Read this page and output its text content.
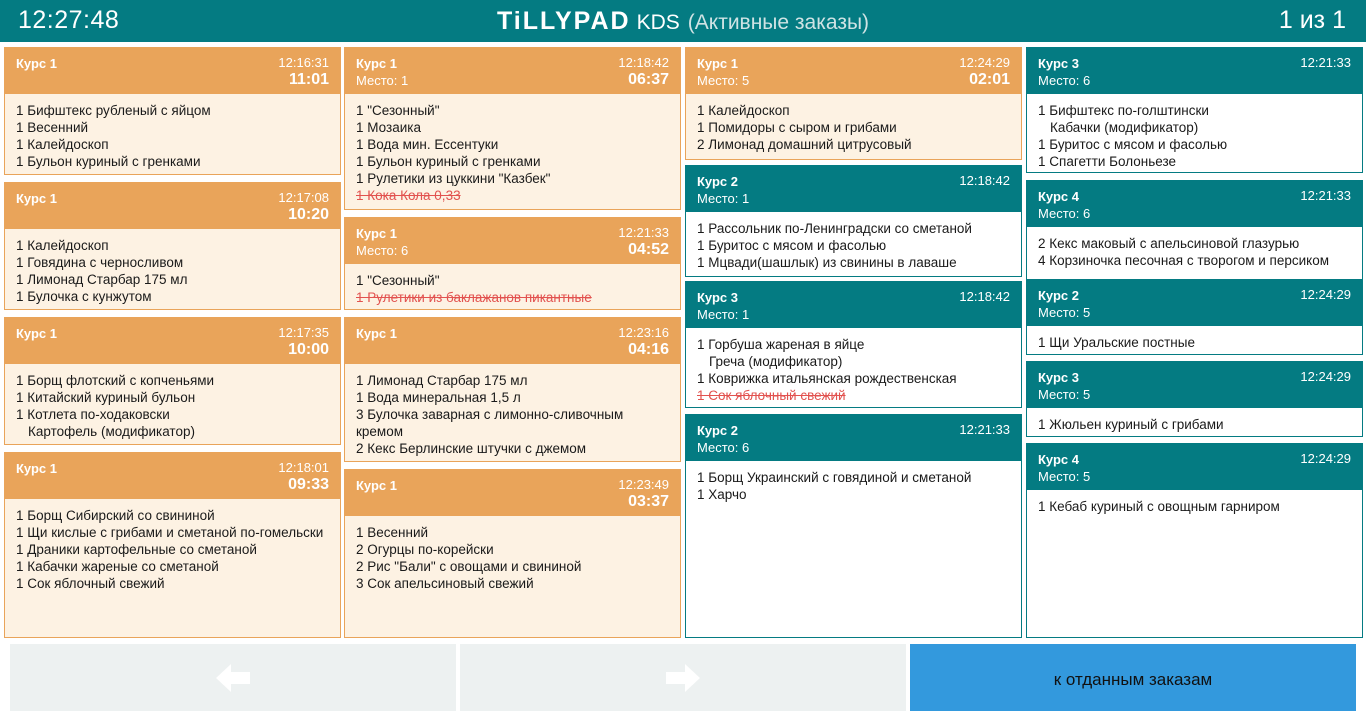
12:27:48	TiLLYPAD KDS (Активные заказы)	1 из 1
Курс 1	12:16:31
11:01
1 Бифштекс рубленый с яйцом
1 Весенний
1 Калейдоскоп
1 Бульон куриный с гренками
Курс 1	12:17:08
10:20
1 Калейдоскоп
1 Говядина с черносливом
1 Лимонад Старбар 175 мл
1 Булочка с кунжутом
Курс 1	12:17:35
10:00
1 Борщ флотский с копченьями
1 Китайский куриный бульон
1 Котлета по-ходаковски
Картофель (модификатор)
Курс 1	12:18:01
09:33
1 Борщ Сибирский со свининой
1 Щи кислые с грибами и сметаной по-гомельски
1 Драники картофельные со сметаной
1 Кабачки жареные со сметаной
1 Сок яблочный свежий
Курс 1
Место: 1
12:18:42
06:37
1 "Сезонный"
1 Мозаика
1 Вода мин. Ессентуки
1 Бульон куриный с гренками
1 Рулетики из цуккини "Казбек"
1 Кока Кола 0,33
Курс 1
Место: 6
12:21:33
04:52
1 "Сезонный"
1 Рулетики из баклажанов пикантные
Курс 1	12:23:16
04:16
1 Лимонад Старбар 175 мл
1 Вода минеральная 1,5 л
3 Булочка заварная с лимонно-сливочным кремом
2 Кекс Берлинские штучки с джемом
Курс 1	12:23:49
03:37
1 Весенний
2 Огурцы по-корейски
2 Рис "Бали" с овощами и свининой
3 Сок апельсиновый свежий
Курс 1
Место: 5
12:24:29
02:01
1 Калейдоскоп
1 Помидоры с сыром и грибами
2 Лимонад домашний цитрусовый
Курс 2
Место: 1
12:18:42
1 Рассольник по-Ленинградски со сметаной
1 Буритос с мясом и фасолью
1 Мцвади(шашлык) из свинины в лаваше
Курс 3
Место: 1
12:18:42
1 Горбуша жареная в яйце
Греча (модификатор)
1 Коврижка итальянская рождественская
1 Сок яблочный свежий
Курс 2
Место: 6
12:21:33
1 Борщ Украинский с говядиной и сметаной
1 Харчо
Курс 3
Место: 6
12:21:33
1 Бифштекс по-голштински
Кабачки (модификатор)
1 Буритос с мясом и фасолью
1 Спагетти Болоньезе
Курс 4
Место: 6
12:21:33
2 Кекс маковый с апельсиновой глазурью
4 Корзиночка песочная с творогом и персиком
Курс 2
Место: 5
12:24:29
1 Щи Уральские постные
Курс 3
Место: 5
12:24:29
1 Жюльен куриный с грибами
Курс 4
Место: 5
12:24:29
1 Кебаб куриный с овощным гарниром
к отданным заказам
